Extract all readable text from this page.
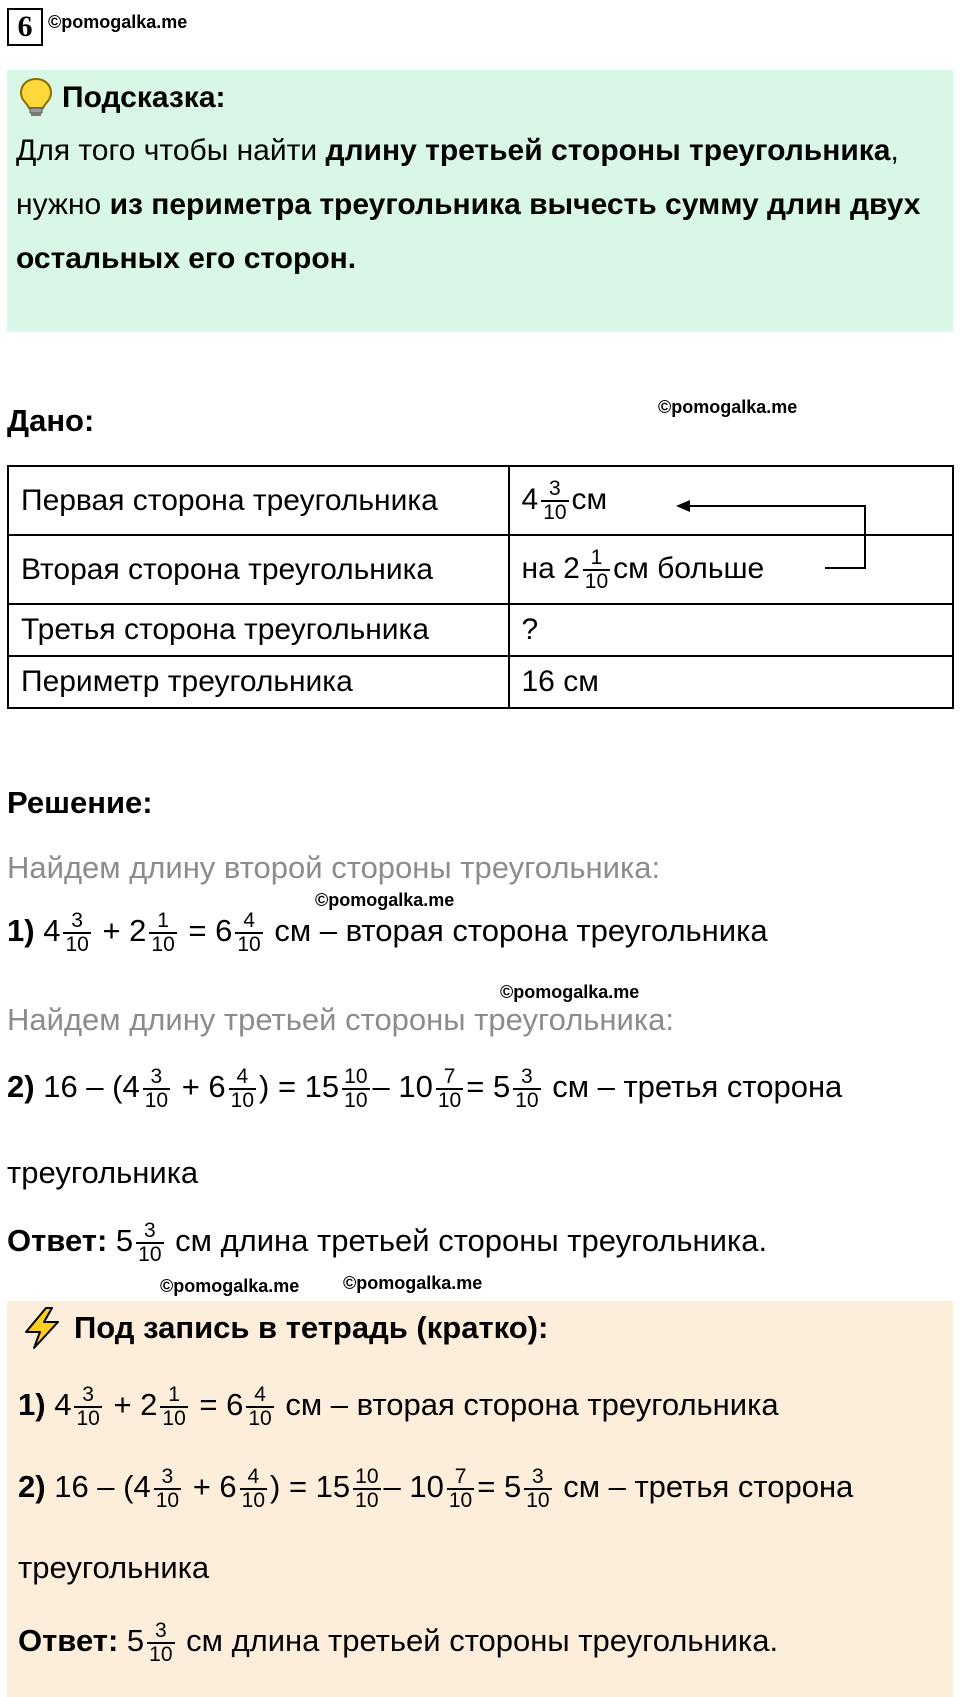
6 ©pomogalka.me
Подсказка:
Для того чтобы найти длину третьей стороны треугольника, нужно из периметра треугольника вычесть сумму длин двух остальных его сторон.
Дано:	©pomogalka.me
Первая сторона треугольника	$4 \frac{3}{10}$ см
Вторая сторона треугольника	на $2 \frac{1}{10}$ см больше
Третья сторона треугольника	?
Периметр треугольника	16 см
Решение:
Найдем длину второй стороны треугольника:
©pomogalka.me
1) $4 \frac{3}{10} + 2 \frac{1}{10} = 6 \frac{4}{10}$ см – вторая сторона треугольника
©pomogalka.me
Найдем длину третьей стороны треугольника:
2) $16 - (4 \frac{3}{10} + 6 \frac{4}{10}$ ) = $15 \frac{10}{10} - 10 \frac{7}{10} = 5 \frac{3}{10}$ см – третья сторона
треугольника
Ответ: $5 \frac{3}{10}$ см длина третьей стороны треугольника.
©pomogalka.me ©pomogalka.me
Под запись в тетрадь (кратко):
1) $4 \frac{3}{10} + 2 \frac{1}{10} = 6 \frac{4}{10}$ см – вторая сторона треугольника
2) $16 - (4 \frac{3}{10} + 6 \frac{4}{10}$ ) = $15 \frac{10}{10} - 10 \frac{7}{10} = 5 \frac{3}{10}$ см – третья сторона
треугольника
Ответ: $5 \frac{3}{10}$ см длина третьей стороны треугольника.
